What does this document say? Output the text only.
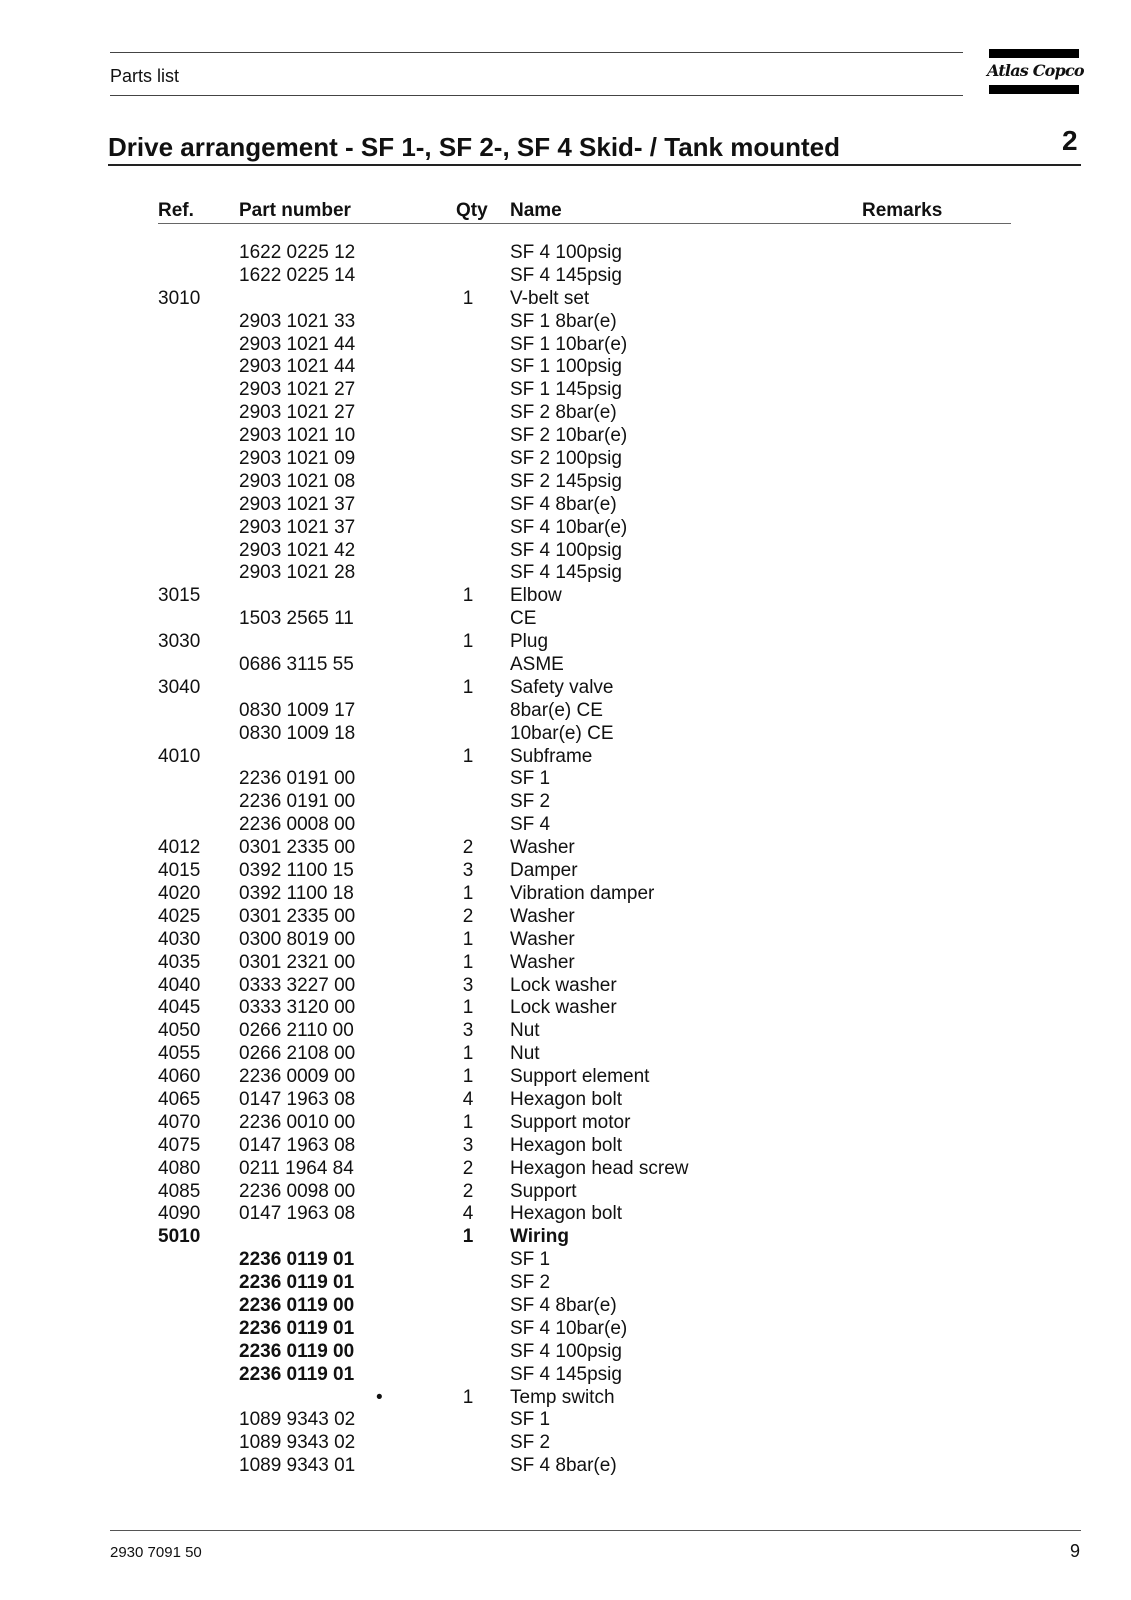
Parts list	Atlas Copco
Drive arrangement - SF 1-, SF 2-, SF 4 Skid- / Tank mounted	2
Ref. Part number	Qty Name	Remarks
1622 0225 12	SF 4 100psig
1622 0225 14	SF 4 145psig
3010	1	V-belt set
2903 1021 33	SF 1 8bar(e)
2903 1021 44	SF 1 10bar(e)
2903 1021 44	SF 1 100psig
2903 1021 27	SF 1 145psig
2903 1021 27	SF 2 8bar(e)
2903 1021 10	SF 2 10bar(e)
2903 1021 09	SF 2 100psig
2903 1021 08	SF 2 145psig
2903 1021 37	SF 4 8bar(e)
2903 1021 37	SF 4 10bar(e)
2903 1021 42	SF 4 100psig
2903 1021 28	SF 4 145psig
3015	1	Elbow
1503 2565 11	CE
3030	1	Plug
0686 3115 55	ASME
3040	1	Safety valve
0830 1009 17	8bar(e) CE
0830 1009 18	10bar(e) CE
4010	1	Subframe
2236 0191 00	SF 1
2236 0191 00	SF 2
2236 0008 00	SF 4
4012 0301 2335 00	2	Washer
4015 0392 1100 15	3	Damper
4020 0392 1100 18	1	Vibration damper
4025 0301 2335 00	2	Washer
4030 0300 8019 00	1	Washer
4035 0301 2321 00	1	Washer
4040 0333 3227 00	3	Lock washer
4045 0333 3120 00	1	Lock washer
4050 0266 2110 00	3	Nut
4055 0266 2108 00	1	Nut
4060 2236 0009 00	1	Support element
4065 0147 1963 08	4	Hexagon bolt
4070 2236 0010 00	1	Support motor
4075 0147 1963 08	3	Hexagon bolt
4080 0211 1964 84	2	Hexagon head screw
4085 2236 0098 00	2	Support
4090 0147 1963 08	4	Hexagon bolt
5010	1	Wiring
2236 0119 01	SF 1
2236 0119 01	SF 2
2236 0119 00	SF 4 8bar(e)
2236 0119 01	SF 4 10bar(e)
2236 0119 00	SF 4 100psig
2236 0119 01	SF 4 145psig
•	1	Temp switch
1089 9343 02	SF 1
1089 9343 02	SF 2
1089 9343 01	SF 4 8bar(e)
2930 7091 50	9
